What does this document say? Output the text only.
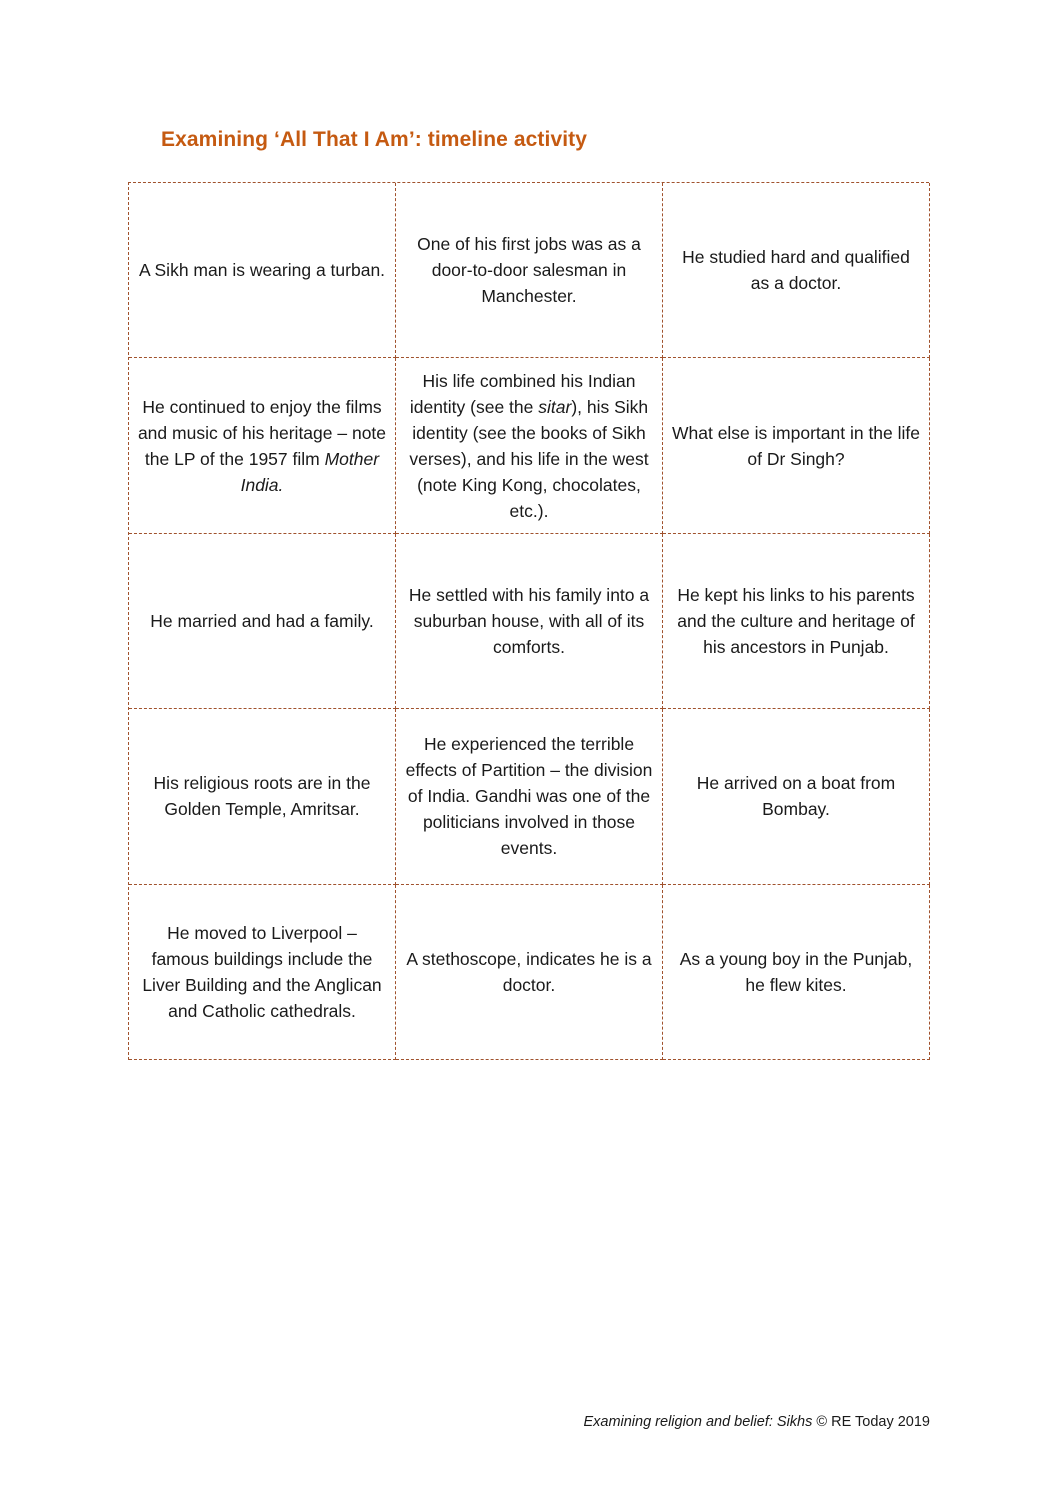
Examining ‘All That I Am’: timeline activity
A Sikh man is wearing a turban.
One of his first jobs was as a door-to-door salesman in Manchester.
He studied hard and qualified as a doctor.
He continued to enjoy the films and music of his heritage – note the LP of the 1957 film Mother India.
His life combined his Indian identity (see the sitar), his Sikh identity (see the books of Sikh verses), and his life in the west (note King Kong, chocolates, etc.).
What else is important in the life of Dr Singh?
He married and had a family.
He settled with his family into a suburban house, with all of its comforts.
He kept his links to his parents and the culture and heritage of his ancestors in Punjab.
His religious roots are in the Golden Temple, Amritsar.
He experienced the terrible effects of Partition – the division of India. Gandhi was one of the politicians involved in those events.
He arrived on a boat from Bombay.
He moved to Liverpool – famous buildings include the Liver Building and the Anglican and Catholic cathedrals.
A stethoscope, indicates he is a doctor.
As a young boy in the Punjab, he flew kites.
Examining religion and belief: Sikhs © RE Today 2019
